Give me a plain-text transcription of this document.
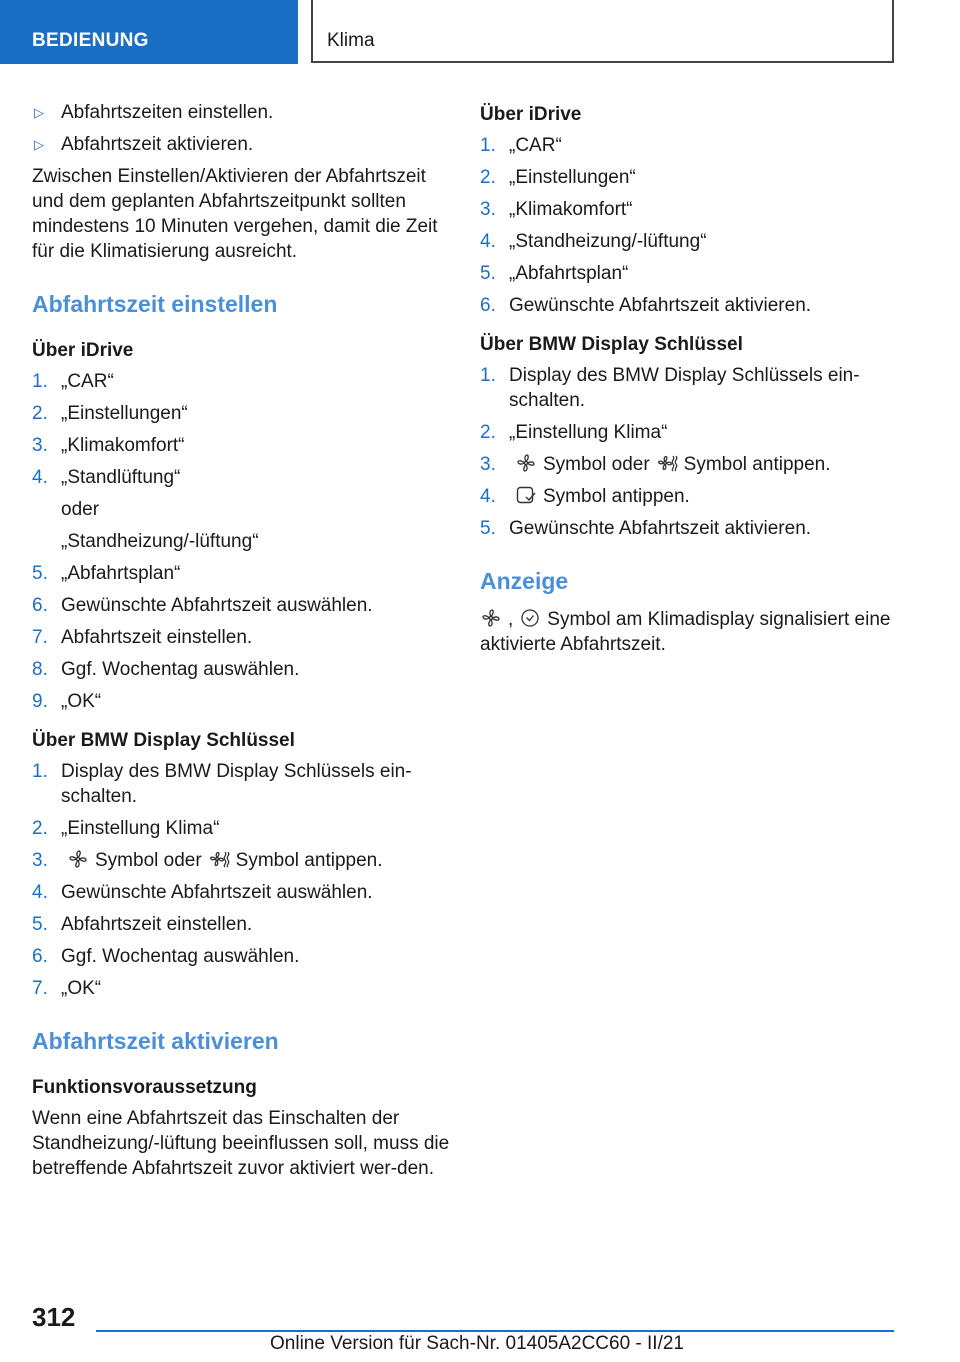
BEDIENUNG	Klima
▷ Abfahrtszeiten einstellen.
▷ Abfahrtszeit aktivieren.

Zwischen Einstellen/Aktivieren der Abfahrtszeit und dem geplanten Abfahrtszeitpunkt sollten mindestens 10 Minuten vergehen, damit die Zeit für die Klimatisierung ausreicht.

Abfahrtszeit einstellen
Über iDrive
1. „CAR“
2. „Einstellungen“
3. „Klimakomfort“
4. „Standlüftung“
oder
„Standheizung/-lüftung“
5. „Abfahrtsplan“
6. Gewünschte Abfahrtszeit auswählen.
7. Abfahrtszeit einstellen.
8. Ggf. Wochentag auswählen.
9. „OK“
Über BMW Display Schlüssel
1. Display des BMW Display Schlüssels ein-schalten.
2. „Einstellung Klima“
3. Symbol oder Symbol antippen.
4. Gewünschte Abfahrtszeit auswählen.
5. Abfahrtszeit einstellen.
6. Ggf. Wochentag auswählen.
7. „OK“
Abfahrtszeit aktivieren
Funktionsvoraussetzung

Wenn eine Abfahrtszeit das Einschalten der Standheizung/-lüftung beeinflussen soll, muss die betreffende Abfahrtszeit zuvor aktiviert wer-den.

Über iDrive
1. „CAR“
2. „Einstellungen“
3. „Klimakomfort“
4. „Standheizung/-lüftung“
5. „Abfahrtsplan“
6. Gewünschte Abfahrtszeit aktivieren.
Über BMW Display Schlüssel
1. Display des BMW Display Schlüssels ein-schalten.
2. „Einstellung Klima“
3. Symbol oder Symbol antippen.
4. Symbol antippen.
5. Gewünschte Abfahrtszeit aktivieren.
Anzeige

, Symbol am Klimadisplay signalisiert eine aktivierte Abfahrtszeit.

312
Online Version für Sach-Nr. 01405A2CC60 - II/21
